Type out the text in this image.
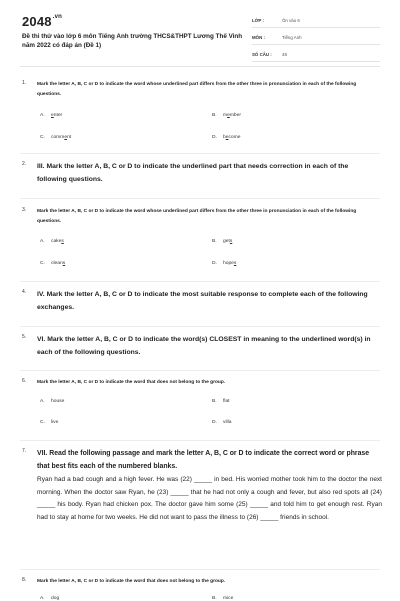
$2048^{.vn}$
Đề thi thử vào lớp 6 môn Tiếng Anh trường THCS&THPT Lương Thế Vinh năm 2022 có đáp án (Đề 1)
LỚP :	Ôn vào 6
MÔN :	Tiếng Anh
SỐ CÂU : 48
1. Mark the letter A, B, C or D to indicate the word whose underlined part differs from the other three in pronunciation in each of the following questions.
A. enter	B. member
C. comment	D. become
2. III. Mark the letter A, B, C or D to indicate the underlined part that needs correction in each of the following questions.
3. Mark the letter A, B, C or D to indicate the word whose underlined part differs from the other three in pronunciation in each of the following questions.
A. cakes	B. gets
C. cleans	D. hopes
4. IV. Mark the letter A, B, C or D to indicate the most suitable response to complete each of the following exchanges.
5. VI. Mark the letter A, B, C or D to indicate the word(s) CLOSEST in meaning to the underlined word(s) in each of the following questions.
6. Mark the letter A, B, C or D to indicate the word that does not belong to the group.
A. house	B. flat
C. live	D. villa
7. VII. Read the following passage and mark the letter A, B, C or D to indicate the correct word or phrase that best fits each of the numbered blanks.
Ryan had a bad cough and a high fever. He was (22) _____ in bed. His worried mother took him to the doctor the next morning. When the doctor saw Ryan, he (23) _____ that he had not only a cough and fever, but also red spots all (24) _____ his body. Ryan had chicken pox. The doctor gave him some (25) _____ and told him to get enough rest. Ryan had to stay at home for two weeks. He did not want to pass the illness to (26) _____ friends in school.
8. Mark the letter A, B, C or D to indicate the word that does not belong to the group.
A. dog	B. mice
